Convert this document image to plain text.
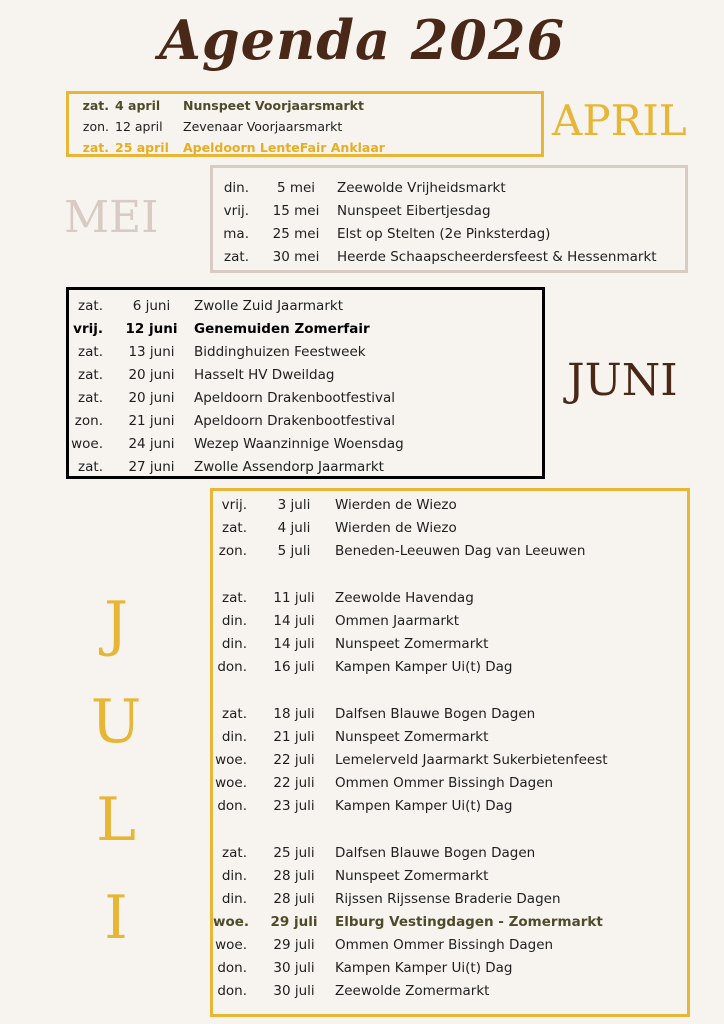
Agenda 2026
zat. 4 april	Nunspeet Voorjaarsmarkt
zon. 12 april	Zevenaar Voorjaarsmarkt
zat. 25 april	Apeldoorn LenteFair Anklaar
APRIL
MEI
din.	5 mei	Zeewolde Vrijheidsmarkt
vrij.	15 mei	Nunspeet Eibertjesdag
ma.	25 mei	Elst op Stelten (2e Pinksterdag)
zat.	30 mei	Heerde Schaapscheerdersfeest & Hessenmarkt
zat.	6 juni	Zwolle Zuid Jaarmarkt
vrij.	12 juni	Genemuiden Zomerfair
zat.	13 juni	Biddinghuizen Feestweek
zat.	20 juni	Hasselt HV Dweildag
zat.	20 juni	Apeldoorn Drakenbootfestival
zon.	21 juni	Apeldoorn Drakenbootfestival
woe.	24 juni	Wezep Waanzinnige Woensdag
zat.	27 juni	Zwolle Assendorp Jaarmarkt
JUNI
J
U
L
I
vrij.	3 juli	Wierden de Wiezo
zat.	4 juli	Wierden de Wiezo
zon.	5 juli	Beneden-Leeuwen Dag van Leeuwen
zat.	11 juli	Zeewolde Havendag
din.	14 juli	Ommen Jaarmarkt
din.	14 juli	Nunspeet Zomermarkt
don.	16 juli	Kampen Kamper Ui(t) Dag
zat.	18 juli	Dalfsen Blauwe Bogen Dagen
din.	21 juli	Nunspeet Zomermarkt
woe.	22 juli	Lemelerveld Jaarmarkt Sukerbietenfeest
woe.	22 juli	Ommen Ommer Bissingh Dagen
don.	23 juli	Kampen Kamper Ui(t) Dag
zat.	25 juli	Dalfsen Blauwe Bogen Dagen
din.	28 juli	Nunspeet Zomermarkt
din.	28 juli	Rijssen Rijssense Braderie Dagen
woe.	29 juli	Elburg Vestingdagen - Zomermarkt
woe.	29 juli	Ommen Ommer Bissingh Dagen
don.	30 juli	Kampen Kamper Ui(t) Dag
don.	30 juli	Zeewolde Zomermarkt
